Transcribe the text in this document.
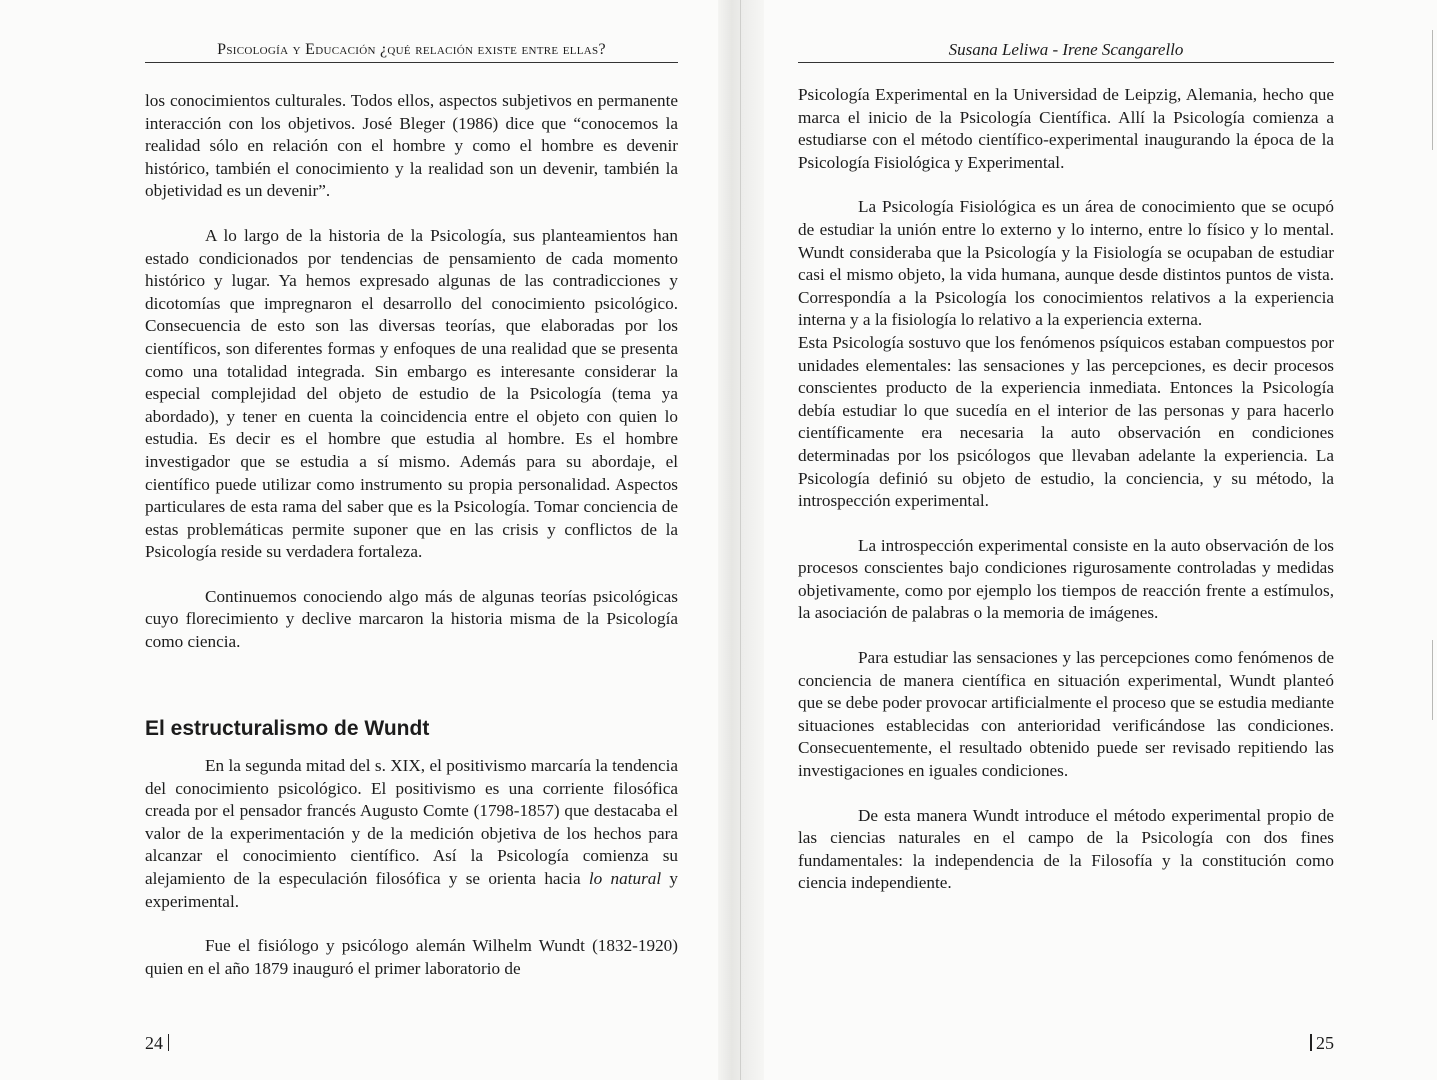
Psicología y Educación ¿qué relación existe entre ellas?

los conocimientos culturales. Todos ellos, aspectos subjetivos en permanente interacción con los objetivos. José Bleger (1986) dice que “conocemos la realidad sólo en relación con el hombre y como el hombre es devenir histórico, también el conocimiento y la realidad son un devenir, también la objetividad es un devenir”.

A lo largo de la historia de la Psicología, sus planteamientos han estado condicionados por tendencias de pensamiento de cada momento histórico y lugar. Ya hemos expresado algunas de las contradicciones y dicotomías que impregnaron el desarrollo del conocimiento psicológico. Consecuencia de esto son las diversas teorías, que elaboradas por los científicos, son diferentes formas y enfoques de una realidad que se presenta como una totalidad integrada. Sin embargo es interesante considerar la especial complejidad del objeto de estudio de la Psicología (tema ya abordado), y tener en cuenta la coincidencia entre el objeto con quien lo estudia. Es decir es el hombre que estudia al hombre. Es el hombre investigador que se estudia a sí mismo. Además para su abordaje, el científico puede utilizar como instrumento su propia personalidad. Aspectos particulares de esta rama del saber que es la Psicología. Tomar conciencia de estas problemáticas permite suponer que en las crisis y conflictos de la Psicología reside su verdadera fortaleza.

Continuemos conociendo algo más de algunas teorías psicológicas cuyo florecimiento y declive marcaron la historia misma de la Psicología como ciencia.

El estructuralismo de Wundt

En la segunda mitad del s. XIX, el positivismo marcaría la tendencia del conocimiento psicológico. El positivismo es una corriente filosófica creada por el pensador francés Augusto Comte (1798-1857) que destacaba el valor de la experimentación y de la medición objetiva de los hechos para alcanzar el conocimiento científico. Así la Psicología comienza su alejamiento de la especulación filosófica y se orienta hacia lo natural y experimental.

Fue el fisiólogo y psicólogo alemán Wilhelm Wundt (1832-1920) quien en el año 1879 inauguró el primer laboratorio de

24
Susana Leliwa - Irene Scangarello

Psicología Experimental en la Universidad de Leipzig, Alemania, hecho que marca el inicio de la Psicología Científica. Allí la Psicología comienza a estudiarse con el método científico-experimental inaugurando la época de la Psicología Fisiológica y Experimental.

La Psicología Fisiológica es un área de conocimiento que se ocupó de estudiar la unión entre lo externo y lo interno, entre lo físico y lo mental. Wundt consideraba que la Psicología y la Fisiología se ocupaban de estudiar casi el mismo objeto, la vida humana, aunque desde distintos puntos de vista. Correspondía a la Psicología los conocimientos relativos a la experiencia interna y a la fisiología lo relativo a la experiencia externa.

Esta Psicología sostuvo que los fenómenos psíquicos estaban compuestos por unidades elementales: las sensaciones y las percepciones, es decir procesos conscientes producto de la experiencia inmediata. Entonces la Psicología debía estudiar lo que sucedía en el interior de las personas y para hacerlo científicamente era necesaria la auto observación en condiciones determinadas por los psicólogos que llevaban adelante la experiencia. La Psicología definió su objeto de estudio, la conciencia, y su método, la introspección experimental.

La introspección experimental consiste en la auto observación de los procesos conscientes bajo condiciones rigurosamente controladas y medidas objetivamente, como por ejemplo los tiempos de reacción frente a estímulos, la asociación de palabras o la memoria de imágenes.

Para estudiar las sensaciones y las percepciones como fenómenos de conciencia de manera científica en situación experimental, Wundt planteó que se debe poder provocar artificialmente el proceso que se estudia mediante situaciones establecidas con anterioridad verificándose las condiciones. Consecuentemente, el resultado obtenido puede ser revisado repitiendo las investigaciones en iguales condiciones.

De esta manera Wundt introduce el método experimental propio de las ciencias naturales en el campo de la Psicología con dos fines fundamentales: la independencia de la Filosofía y la constitución como ciencia independiente.

25
